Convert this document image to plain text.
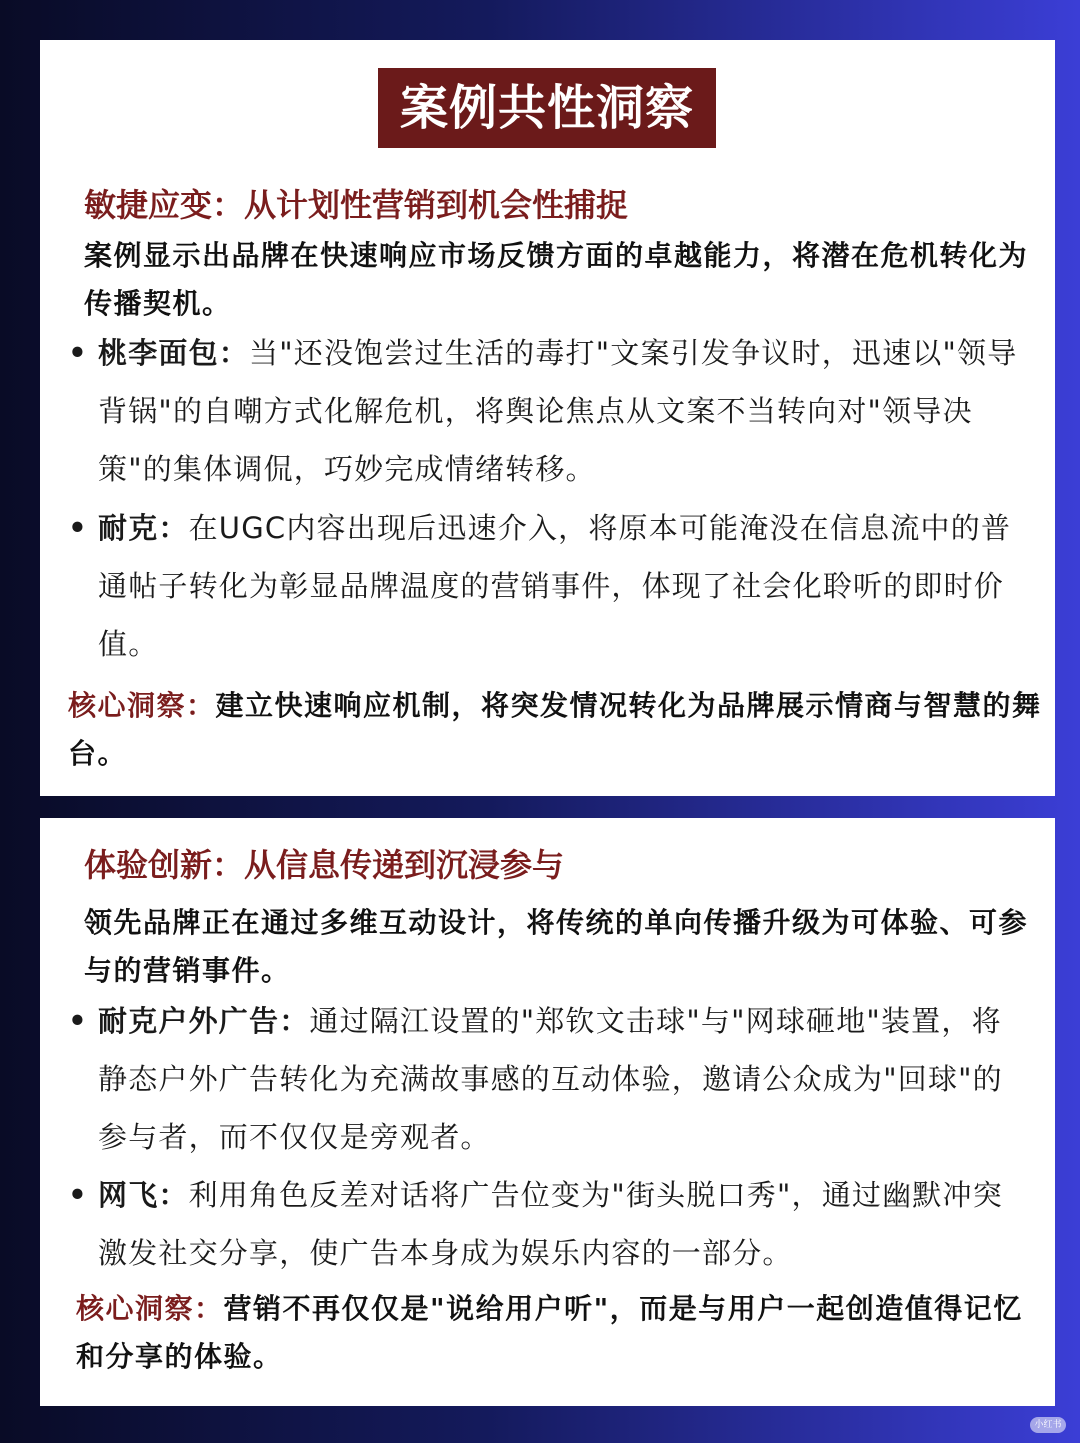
案例共性洞察
敏捷应变：从计划性营销到机会性捕捉
案例显示出品牌在快速响应市场反馈方面的卓越能力，将潜在危机转化为传播契机。
• 桃李面包：当"还没饱尝过生活的毒打"文案引发争议时，迅速以"领导背锅"的自嘲方式化解危机，将舆论焦点从文案不当转向对"领导决策"的集体调侃，巧妙完成情绪转移。
• 耐克：在UGC内容出现后迅速介入，将原本可能淹没在信息流中的普通帖子转化为彰显品牌温度的营销事件，体现了社会化聆听的即时价值。
核心洞察：建立快速响应机制，将突发情况转化为品牌展示情商与智慧的舞台。
体验创新：从信息传递到沉浸参与
领先品牌正在通过多维互动设计，将传统的单向传播升级为可体验、可参与的营销事件。
• 耐克户外广告：通过隔江设置的"郑钦文击球"与"网球砸地"装置，将静态户外广告转化为充满故事感的互动体验，邀请公众成为"回球"的参与者，而不仅仅是旁观者。
• 网飞：利用角色反差对话将广告位变为"街头脱口秀"，通过幽默冲突激发社交分享，使广告本身成为娱乐内容的一部分。
核心洞察：营销不再仅仅是"说给用户听"，而是与用户一起创造值得记忆和分享的体验。
小红书
